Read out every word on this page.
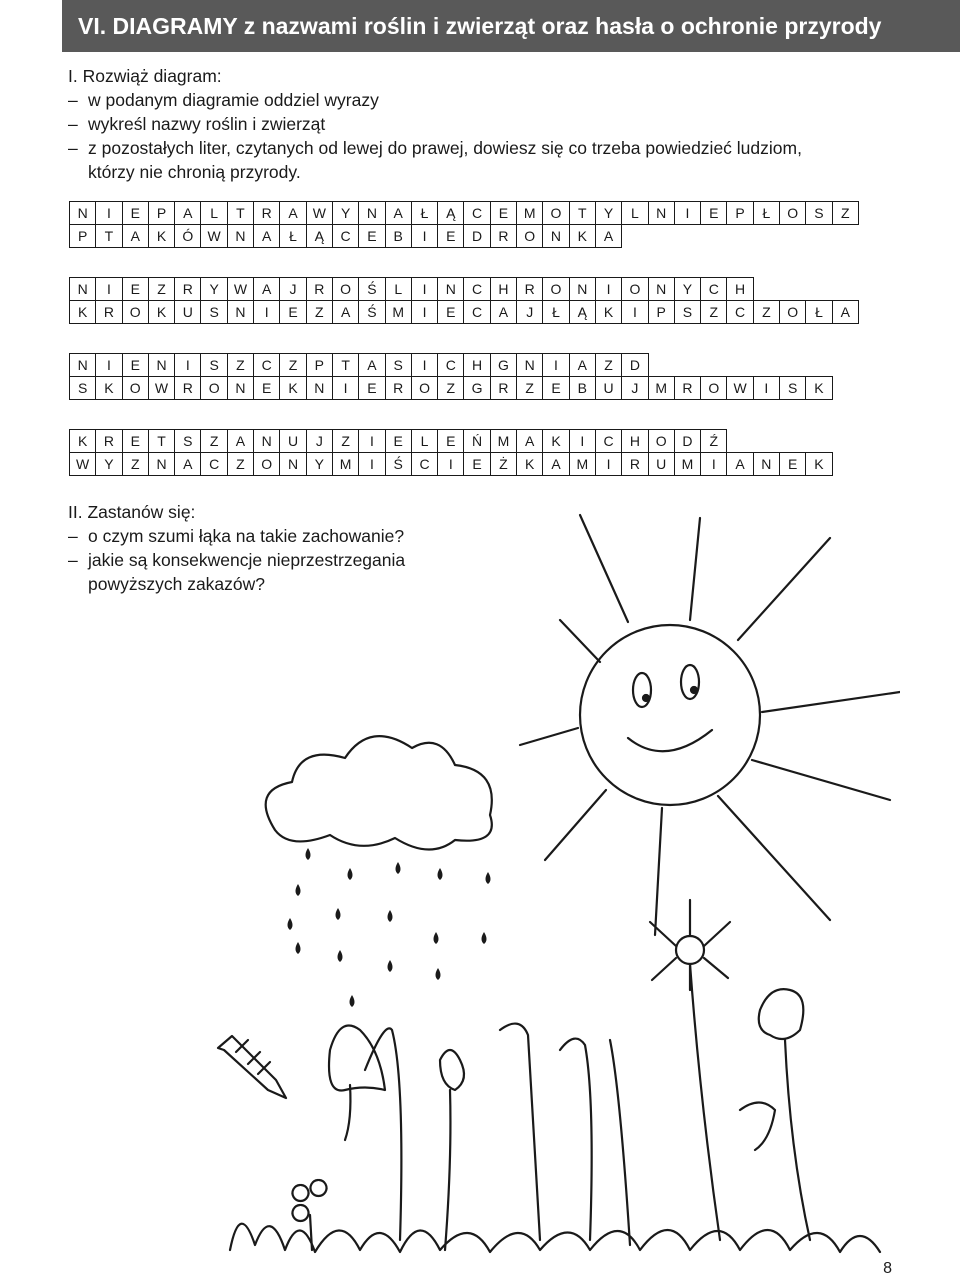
VI. DIAGRAMY z nazwami roślin i zwierząt oraz hasła o ochronie przyrody
I. Rozwiąż diagram:
– w podanym diagramie oddziel wyrazy
– wykreśl nazwy roślin i zwierząt
– z pozostałych liter, czytanych od lewej do prawej, dowiesz się co trzeba powiedzieć ludziom,
którzy nie chronią przyrody.
N	I	E	P	A	L	T	R	A	W	Y	N	A	Ł	Ą	C	E	M	O	T	Y	L	N	I	E	P	Ł	O	S	Z
P	T	A	K	Ó	W	N	A	Ł	Ą	C	E	B	I	E	D	R	O	N	K	A
N	I	E	Z	R	Y	W	A	J	R	O	Ś	L	I	N	C	H	R	O	N	I	O	N	Y	C	H
K	R	O	K	U	S	N	I	E	Z	A	Ś	M	I	E	C	A	J	Ł	Ą	K	I	P	S	Z	C	Z	O	Ł	A
N	I	E	N	I	S	Z	C	Z	P	T	A	S	I	C	H	G	N	I	A	Z	D
S	K	O	W	R	O	N	E	K	N	I	E	R	O	Z	G	R	Z	E	B	U	J	M	R	O	W	I	S	K
K	R	E	T	S	Z	A	N	U	J	Z	I	E	L	E	Ń	M	A	K	I	C	H	O	D	Ź
W	Y	Z	N	A	C	Z	O	N	Y	M	I	Ś	C	I	E	Ż	K	A	M	I	R	U	M	I	A	N	E	K
II. Zastanów się:
– o czym szumi łąka na takie zachowanie?
– jakie są konsekwencje nieprzestrzegania
powyższych zakazów?
8
